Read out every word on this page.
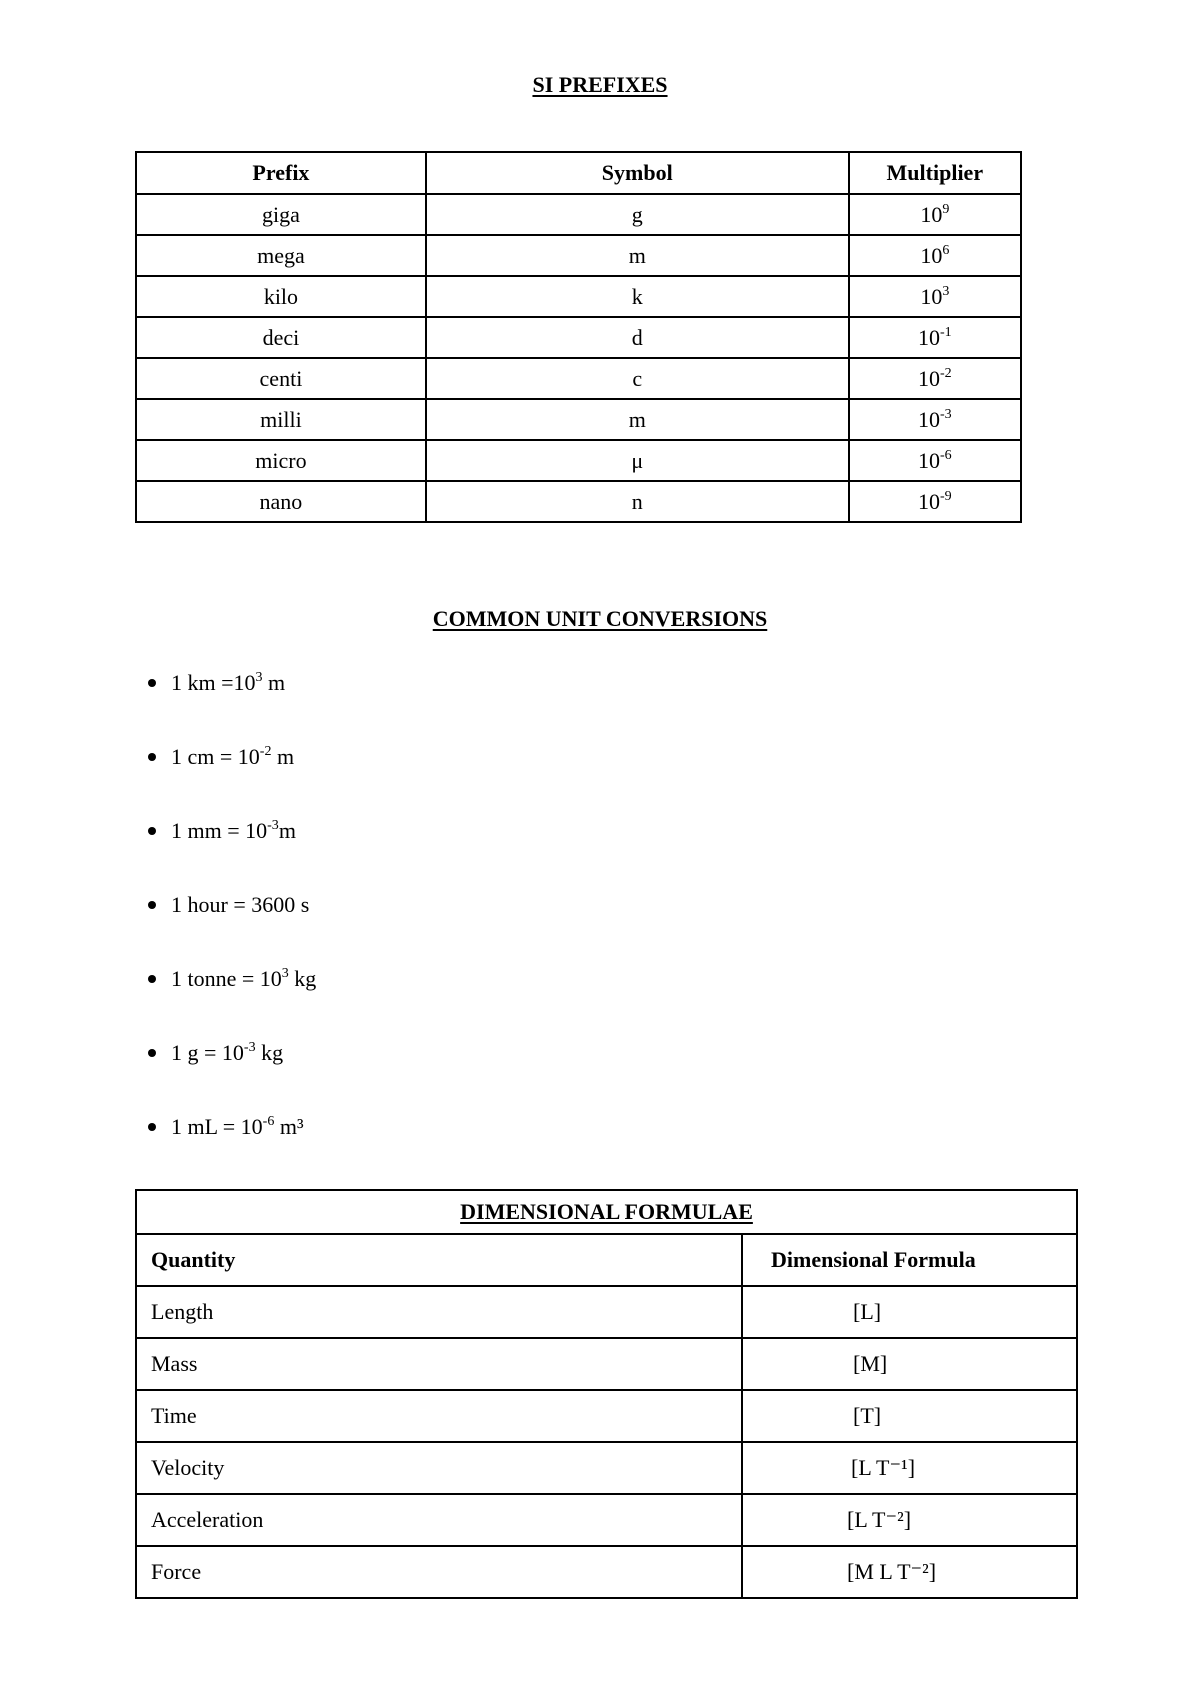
SI PREFIXES
Prefix	Symbol	Multiplier
giga	g	$10^9$
mega	m	$10^6$
kilo	k	$10^3$
deci	d	$10^{-1}$
centi	c	$10^{-2}$
milli	m	$10^{-3}$
micro	μ	$10^{-6}$
nano	n	$10^{-9}$
COMMON UNIT CONVERSIONS
1 km $=10^3$ m
1 cm = $10^{-2}$ m
1 mm = $10^{-3}m$
1 hour = 3600 s
1 tonne = $10^3$ kg
1 $g = 10^{-3}$ kg
1 mL = $10^{-6}$ m³
DIMENSIONAL FORMULAE	
Quantity	Dimensional Formula
Length	[L]
Mass	[M]
Time	[T]
Velocity	[L T⁻¹]
Acceleration	[L T⁻²]
Force	[M L T⁻²]
